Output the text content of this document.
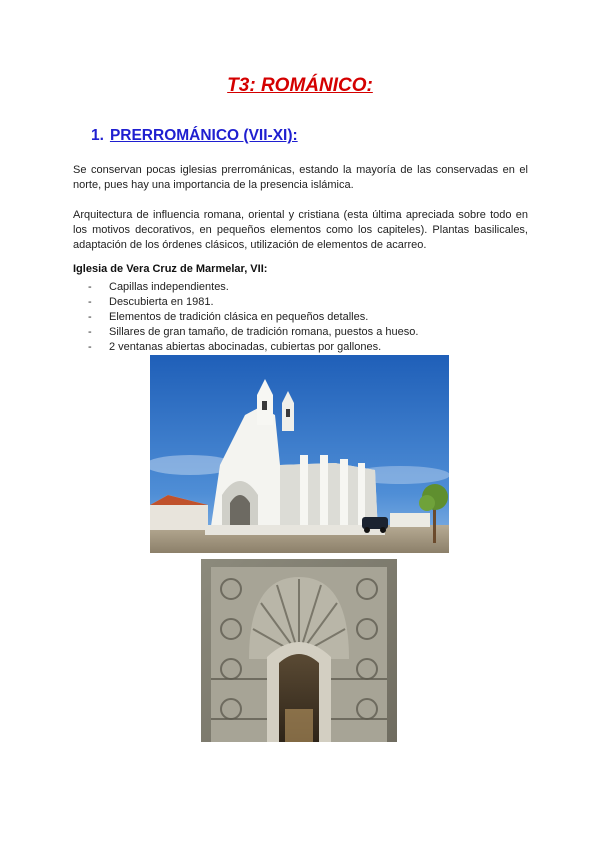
T3: ROMÁNICO:
1. PRERROMÁNICO (VII-XI):

Se conservan pocas iglesias prerrománicas, estando la mayoría de las conservadas en el norte, pues hay una importancia de la presencia islámica.

Arquitectura de influencia romana, oriental y cristiana (esta última apreciada sobre todo en los motivos decorativos, en pequeños elementos como los capiteles). Plantas basilicales, adaptación de los órdenes clásicos, utilización de elementos de acarreo.

Iglesia de Vera Cruz de Marmelar, VII:
- Capillas independientes.
- Descubierta en 1981.
- Elementos de tradición clásica en pequeños detalles.
- Sillares de gran tamaño, de tradición romana, puestos a hueso.
- 2 ventanas abiertas abocinadas, cubiertas por gallones.
